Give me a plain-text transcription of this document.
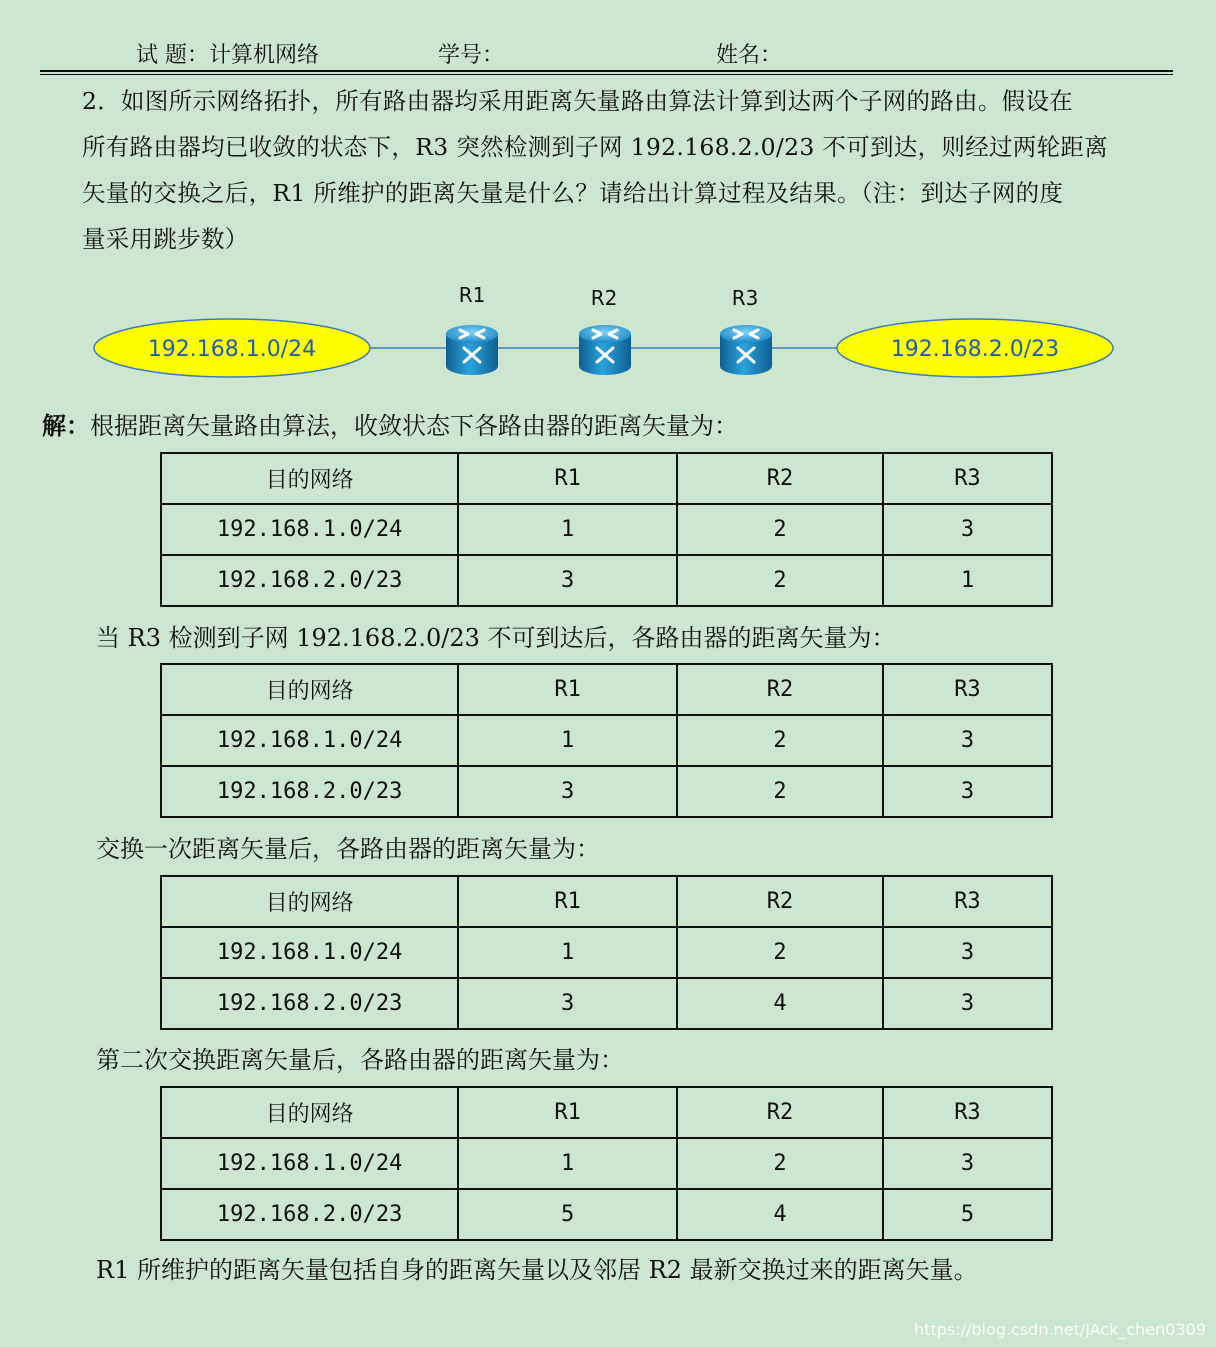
试 题：计算机网络	学号：	姓名：

2．如图所示网络拓扑，所有路由器均采用距离矢量路由算法计算到达两个子网的路由。假设在

所有路由器均已收敛的状态下，R3 突然检测到子网 192.168.2.0/23 不可到达，则经过两轮距离

矢量的交换之后，R1 所维护的距离矢量是什么？请给出计算过程及结果。（注：到达子网的度

量采用跳步数）

192.168.1.0/24	192.168.2.0/23
R1	R2	R3
解：根据距离矢量路由算法，收敛状态下各路由器的距离矢量为：
目的网络	R1	R2	R3
192.168.1.0/24	1	2	3
192.168.2.0/23	3	2	1
当 R3 检测到子网 192.168.2.0/23 不可到达后，各路由器的距离矢量为：
目的网络	R1	R2	R3
192.168.1.0/24	1	2	3
192.168.2.0/23	3	2	3
交换一次距离矢量后，各路由器的距离矢量为：
目的网络	R1	R2	R3
192.168.1.0/24	1	2	3
192.168.2.0/23	3	4	3
第二次交换距离矢量后，各路由器的距离矢量为：
目的网络	R1	R2	R3
192.168.1.0/24	1	2	3
192.168.2.0/23	5	4	5
R1 所维护的距离矢量包括自身的距离矢量以及邻居 R2 最新交换过来的距离矢量。
https://blog.csdn.net/JAck_chen0309
